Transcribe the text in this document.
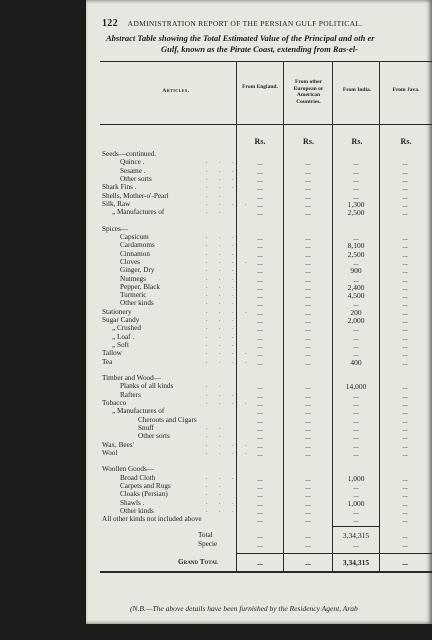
122 ADMINISTRATION REPORT OF THE PERSIAN GULF POLITICAL.
Abstract Table showing the Total Estimated Value of the Principal and oth er
Gulf, known as the Pirate Coast, extending from Ras-el-
Articles.
From England.
From other European or American Countries.
From India.	From Java.
Rs.	Rs.	Rs.	Rs.
Seeds—continued.
Quince .	. . .	...	...	...	...
Sesame .	. . .	...	...	...	...
Other sorts	. . .	...	...	...	...
Shark Fins .	. . .	...	...	...	...
Shells, Mother-o'-Pearl	. .	...	...	...	...
Silk, Raw	. . . . ...	...	1,300	...
„ Manufactures of	. .	...	...	2,500	...
Spices—
Capsicum	. . .	...	...	...	...
Cardamoms	. . .	...	...	8,100	...
Cinnamon	. . .	...	...	2,500	...
Cloves	. . . . ...	...	...	...
Ginger, Dry	. . .	...	...	900	...
Nutmegs	. . .	...	...	...	...
Pepper, Black	. . .	...	...	2,400	...
Turmeric	. . .	...	...	4,500	...
Other kinds	. . .	...	...	...	...
Stationery	. . . . ...	...	200	...
Sugar Candy	. . .	...	...	2,000	...
„ Crushed	. . .	...	...	...	...
„ Loaf .	. . .	...	...	...	...
„ Soft	. . .	...	...	...	...
Tallow	. . . . ...	...	...	...
Tea	. . . . ...	...	400	...
Timber and Wood—
Planks of all kinds	. .	...	...	14,000	...
Rafters	. . .	...	...	...	...
Tobacco	. . . . ...	...	...	...
„ Manufactures of	...	...	...	...
Cheroots and Cigars	...	...	...	...
Snuff	. .	...	...	...	...
Other sorts	. .	...	...	...	...
Wax, Bees'	. . . . ...	...	...	...
Wool	. . . . ...	...	...	...
Woollen Goods—
Broad Cloth	. . .	...	...	1,000	...
Carpets and Rugs	. .	...	...	...	...
Cloaks (Persian)	. .	...	...	...	...
Shawls .	. . .	...	...	1,000	...
Other kinds	. . .	...	...	...	...
All other kinds not included above	...	...	...	...
Total	...	...	3,34,315	...
Specie	...	...	...	...
Grand Total	...	...	3,34,315	...
(N.B.—The above details have been furnished by the Residency Agent, Arab
